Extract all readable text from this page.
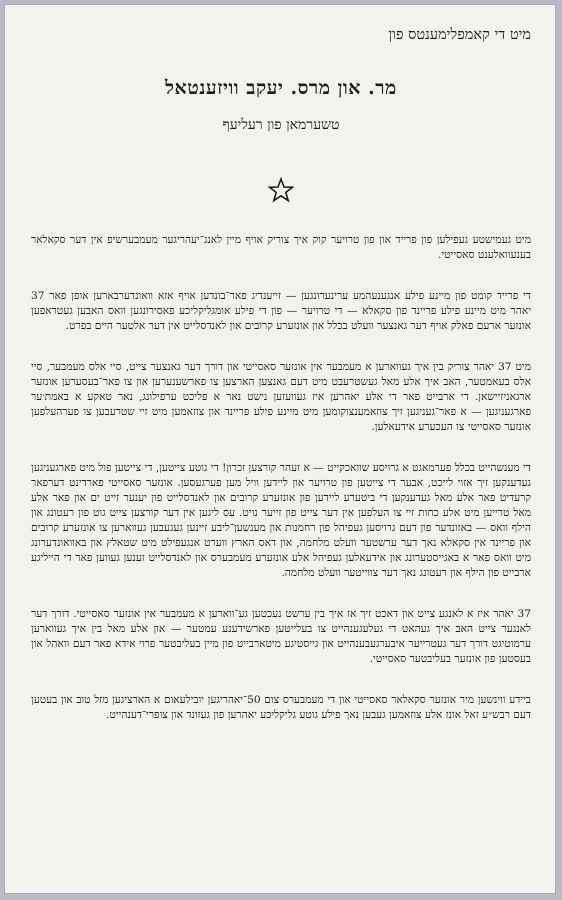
מיט די קאמפלימענטס פון
מר. און מרס. יעקב וויזענטאל
טשערמאן פון רעליעף

מיט געמישטע געפילען פון פרייד און פון טרויער קוק איך צוריק אויף מיין לאנג־יעהריגער מעמבערשיפ אין דער סקאלאר בענעוואלענט סאסייטי.

די פרייד קומט פון מיינע פילע אנגענעהמע ערינערונגען — זייענדיג פאר־בונדען אויף אזא וואונדערבארען אופן פאר 37 יאהר מיט מיינע פילע פריינד פון סקאלא — די טרויער — פון די פילע אומגליקליכע פאסירונגען וואס האבען געטראפען אונזער ארעם פאלק אויף דער גאנצער וועלט בכלל און אונזערע קרובים און לאנדסלייט אין דער אלטער היים בפרט.

מיט 37 יאהר צוריק בין איך געווארען א מעמבער אין אונזער סאסייטי און דורך דער גאנצער צייט, סיי אלס מעמבער, סיי אלס בעאמטער, האב איך אלע מאל געשטרעבט מיט דעם גאנצען הארצען צו פארשענערען און צו פאר־בעסערען אונזער ארגאניזיישאן. די ארבייט פאר די אלע יאהרען איז געוועזען נישט נאר א פליכט ערפילונג, נאר טאקע א באמת׳ער פארגעניגען — א פאר־געניגען זיך צוזאמענצוקומען מיט מיינע פילע פריינד און צוזאמען מיט זיי שטרעבען צו פערהעלפען אונזער סאסייטי צו העכערע אידעאלען.

די מענשהייט בכלל פערמאגט א גרויסע שוואכקייט — א זעהר קורצען זכרון! די גוטע צייטען, די צייטען פול מיט פארגעניגען געדענקען זיך אזוי לייכט, אבער די צייטען פון טרויער און ליידען וויל מען פערגעסען. אונזער סאסייטי פארדינט דערפאר קרעדיט פאר אלע מאל געדענקען די ביטערע ליידען פון אונזערע קרובים און לאנדסלייט פון יענער זייט ים און פאר אלע מאל טרייען מיט אלע כחות זיי צו העלפען אין דער צייט פון זייער נויט. עס ליגען אין דער קורצען צייט גוט פון רעטונג און הילף וואס — באזונדער פון דעם גרויסען געפיהל פון רחמנות און מענשען־ליבע זיינען געגעבען געווארען צו אונזערע קרובים און פריינד אין סקאלא נאך דער ערשטער וועלט מלחמה, און דאס הארץ ווערט אנגעפילט מיט שטאלץ און באוואונדערונג מיט וואס פאר א באגייסטערונג און אידעאלען געפיהל אלע אונזערע מעמבערס און לאנדסלייט זענען געווען פאר די הייליגע ארבייט פון הילף און רעטונג נאך דער צווייטער וועלט מלחמה.

37 יאהר איז א לאנגע צייט און דאכט זיך אז איך בין ערשט נעכטען גע־ווארען א מעמבער אין אונזער סאסייטי. דורך דער לאנגער צייט האב איך געהאט די געלעגענהייט צו בעלייטען פארשידענע עמטער — און אלע מאל בין איך געווארען ערמוטיגט דורך דער געטרייער איבערגעבענהייט און גייסטיגע מיטארבייט פון מיין בעליבטער פרוי אידא פאר דעם וואהל און בעסטען פון אונזער בעליבטער סאסייטי.

ביידע ווינשען מיר אונזער סקאלאר סאסייטי און די מעמבערס צום 50־יאהריגען יובילעאום א הארציגען מזל טוב און בעטען דעם רבש״ע זאל אונז אלע צוזאמען געבען נאך פילע גוטע גליקליכע יאהרען פון געזונד און צופרי־דענהייט.
